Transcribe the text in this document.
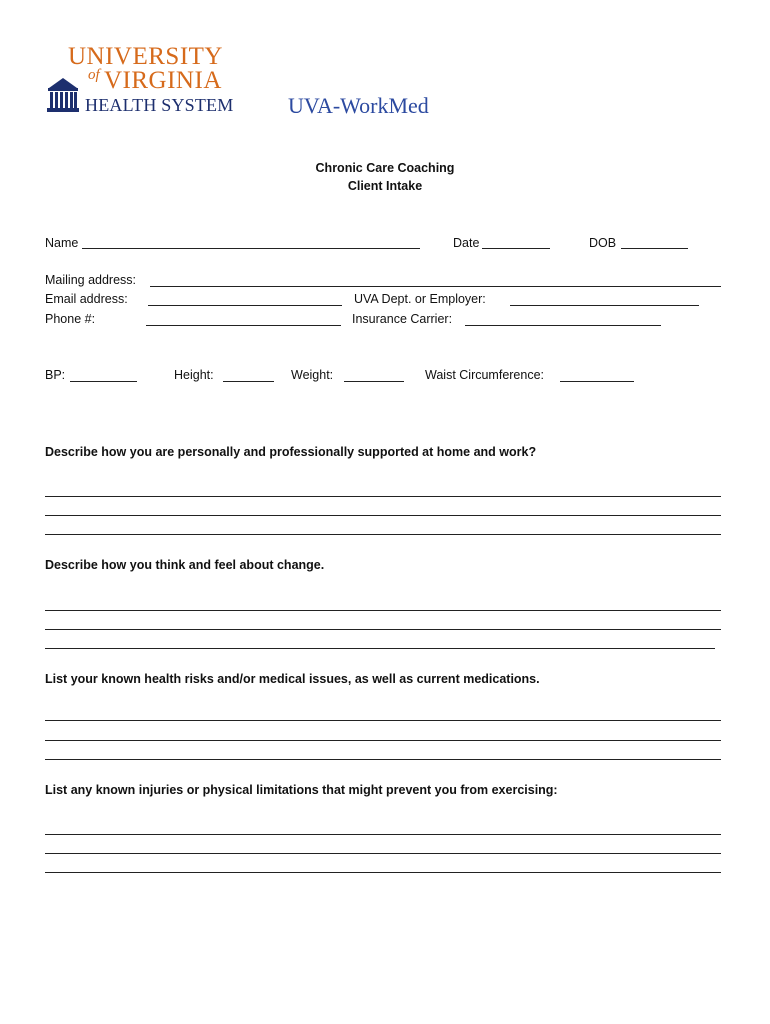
UNIVERSITY
of VIRGINIA
HEALTH SYSTEM UVA-WorkMed
Chronic Care Coaching
Client Intake
Name	Date	DOB
Mailing address:
Email address:	UVA Dept. or Employer:
Phone #:	Insurance Carrier:
BP:	Height:	Weight:	Waist Circumference:
Describe how you are personally and professionally supported at home and work?
Describe how you think and feel about change.
List your known health risks and/or medical issues, as well as current medications.
List any known injuries or physical limitations that might prevent you from exercising:
